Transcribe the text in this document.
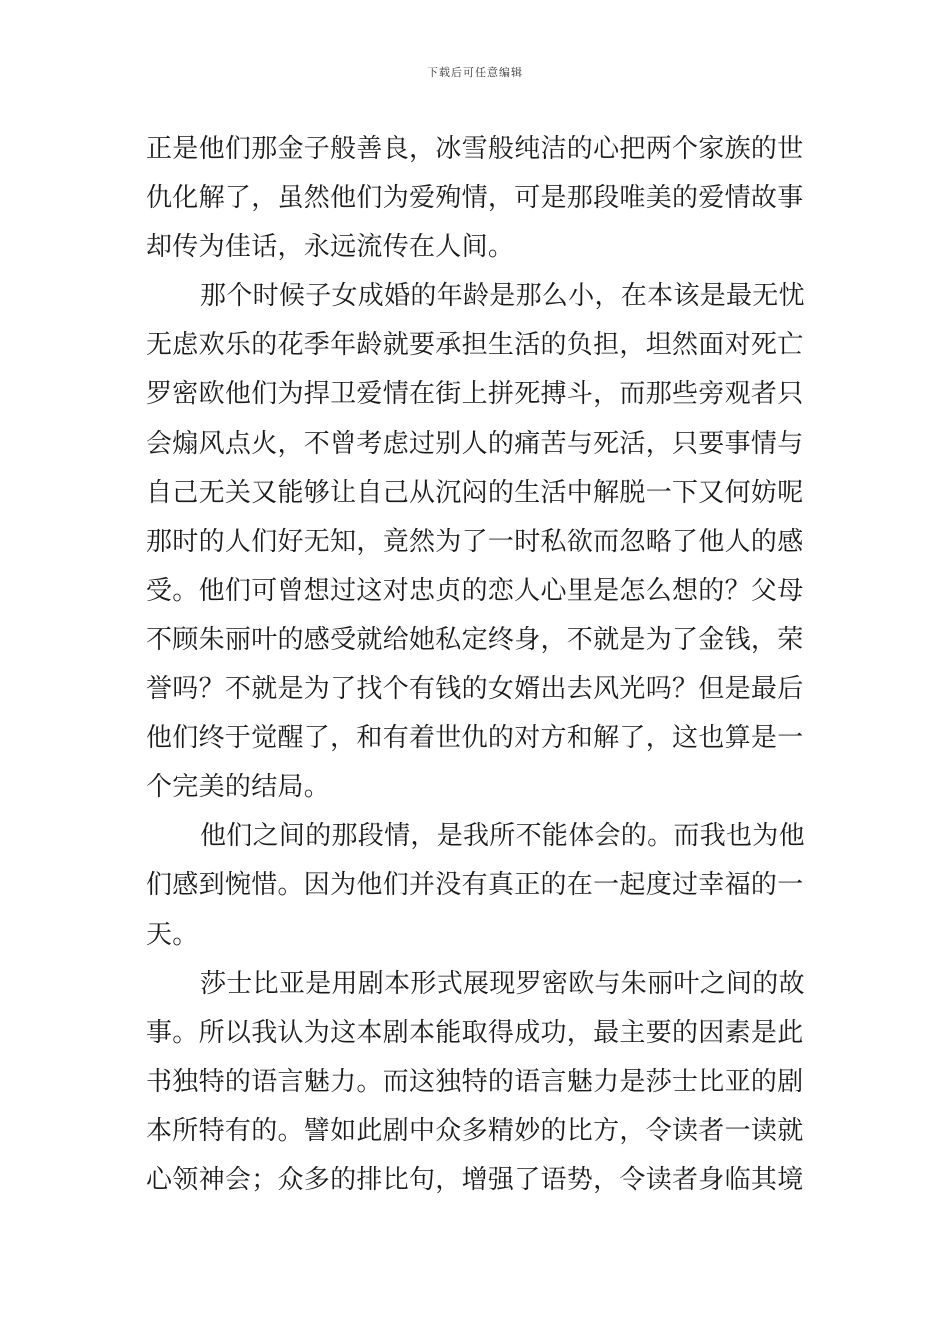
下载后可任意编辑
正是他们那金子般善良，冰雪般纯洁的心把两个家族的世
仇化解了，虽然他们为爱殉情，可是那段唯美的爱情故事
却传为佳话，永远流传在人间。
那个时候子女成婚的年龄是那么小，在本该是最无忧
无虑欢乐的花季年龄就要承担生活的负担，坦然面对死亡
罗密欧他们为捍卫爱情在街上拼死搏斗，而那些旁观者只
会煽风点火，不曾考虑过别人的痛苦与死活，只要事情与
自己无关又能够让自己从沉闷的生活中解脱一下又何妨呢
那时的人们好无知，竟然为了一时私欲而忽略了他人的感
受。他们可曾想过这对忠贞的恋人心里是怎么想的？父母
不顾朱丽叶的感受就给她私定终身，不就是为了金钱，荣
誉吗？不就是为了找个有钱的女婿出去风光吗？但是最后
他们终于觉醒了，和有着世仇的对方和解了，这也算是一
个完美的结局。
他们之间的那段情，是我所不能体会的。而我也为他
们感到惋惜。因为他们并没有真正的在一起度过幸福的一
天。
莎士比亚是用剧本形式展现罗密欧与朱丽叶之间的故
事。所以我认为这本剧本能取得成功，最主要的因素是此
书独特的语言魅力。而这独特的语言魅力是莎士比亚的剧
本所特有的。譬如此剧中众多精妙的比方，令读者一读就
心领神会；众多的排比句，增强了语势，令读者身临其境
